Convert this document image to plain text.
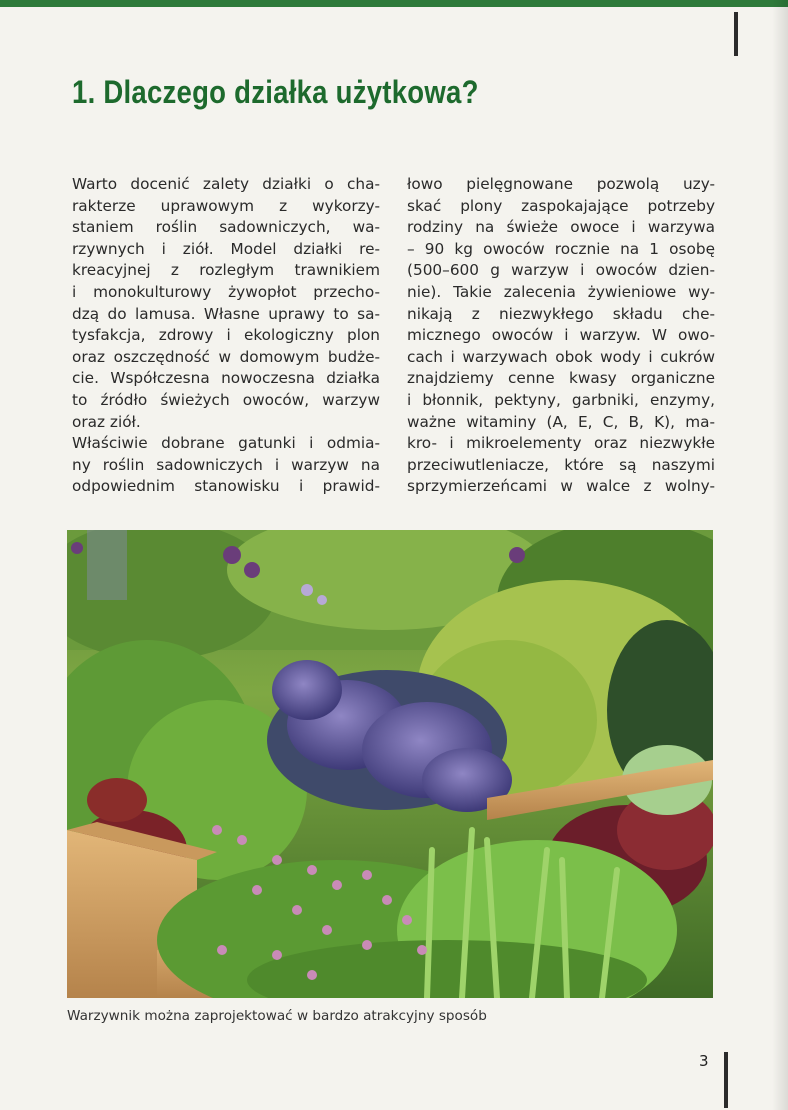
1. Dlaczego działka użytkowa?
Warto docenić zalety działki o cha-
rakterze uprawowym z wykorzy-
staniem roślin sadowniczych, wa-
rzywnych i ziół. Model działki re-
kreacyjnej z rozległym trawnikiem
i monokulturowy żywopłot przecho-
dzą do lamusa. Własne uprawy to sa-
tysfakcja, zdrowy i ekologiczny plon
oraz oszczędność w domowym budże-
cie. Współczesna nowoczesna działka
to źródło świeżych owoców, warzyw
oraz ziół.
Właściwie dobrane gatunki i odmia-
ny roślin sadowniczych i warzyw na
odpowiednim stanowisku i prawid-
łowo pielęgnowane pozwolą uzy-
skać plony zaspokajające potrzeby
rodziny na świeże owoce i warzywa
– 90 kg owoców rocznie na 1 osobę
(500–600 g warzyw i owoców dzien-
nie). Takie zalecenia żywieniowe wy-
nikają z niezwykłego składu che-
micznego owoców i warzyw. W owo-
cach i warzywach obok wody i cukrów
znajdziemy cenne kwasy organiczne
i błonnik, pektyny, garbniki, enzymy,
ważne witaminy (A, E, C, B, K), ma-
kro- i mikroelementy oraz niezwykłe
przeciwutleniacze, które są naszymi
sprzymierzeńcami w walce z wolny-
Warzywnik można zaprojektować w bardzo atrakcyjny sposób
3
